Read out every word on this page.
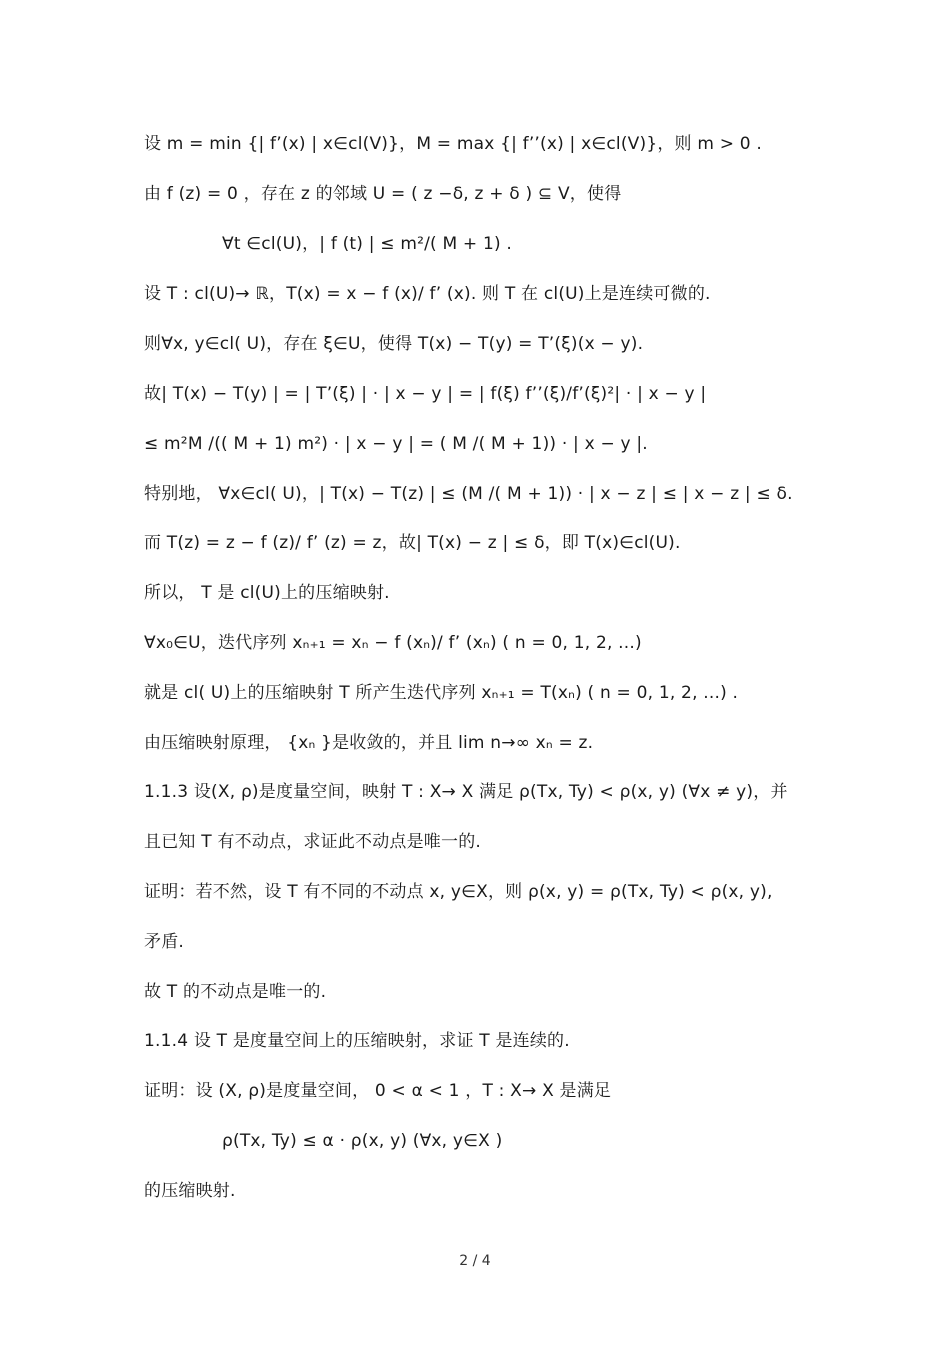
设 m = min {| f’(x) | x∈cl(V)}，M = max {| f’’(x) | x∈cl(V)}，则 m > 0 .
由 f (z) = 0 ，存在 z 的邻域 U = ( z −δ, z + δ ) ⊆ V，使得
∀t ∈cl(U)，| f (t) | ≤ m²/( M + 1) .
设 T : cl(U)→ ℝ，T(x) = x − f (x)/ f’ (x). 则 T 在 cl(U)上是连续可微的.
则∀x, y∈cl( U)，存在 ξ∈U，使得 T(x) − T(y) = T’(ξ)(x − y).
故| T(x) − T(y) | = | T’(ξ) | · | x − y | = | f(ξ) f’’(ξ)/f’(ξ)²| · | x − y |
≤ m²M /(( M + 1) m²) · | x − y | = ( M /( M + 1)) · | x − y |.
特别地， ∀x∈cl( U)，| T(x) − T(z) | ≤ (M /( M + 1)) · | x − z | ≤ | x − z | ≤ δ.
而 T(z) = z − f (z)/ f’ (z) = z，故| T(x) − z | ≤ δ，即 T(x)∈cl(U).
所以， T 是 cl(U)上的压缩映射.
∀x₀∈U，迭代序列 xₙ₊₁ = xₙ − f (xₙ)/ f’ (xₙ) ( n = 0, 1, 2, ...)
就是 cl( U)上的压缩映射 T 所产生迭代序列 xₙ₊₁ = T(xₙ) ( n = 0, 1, 2, ...) .
由压缩映射原理， {xₙ }是收敛的，并且 lim n→∞ xₙ = z.
1.1.3 设(X, ρ)是度量空间，映射 T : X→ X 满足 ρ(Tx, Ty) < ρ(x, y) (∀x ≠ y)，并
且已知 T 有不动点，求证此不动点是唯一的.
证明：若不然，设 T 有不同的不动点 x, y∈X，则 ρ(x, y) = ρ(Tx, Ty) < ρ(x, y),
矛盾.
故 T 的不动点是唯一的.
1.1.4 设 T 是度量空间上的压缩映射，求证 T 是连续的.
证明：设 (X, ρ)是度量空间， 0 < α < 1 ，T : X→ X 是满足
ρ(Tx, Ty) ≤ α · ρ(x, y) (∀x, y∈X )
的压缩映射.
2 / 4
